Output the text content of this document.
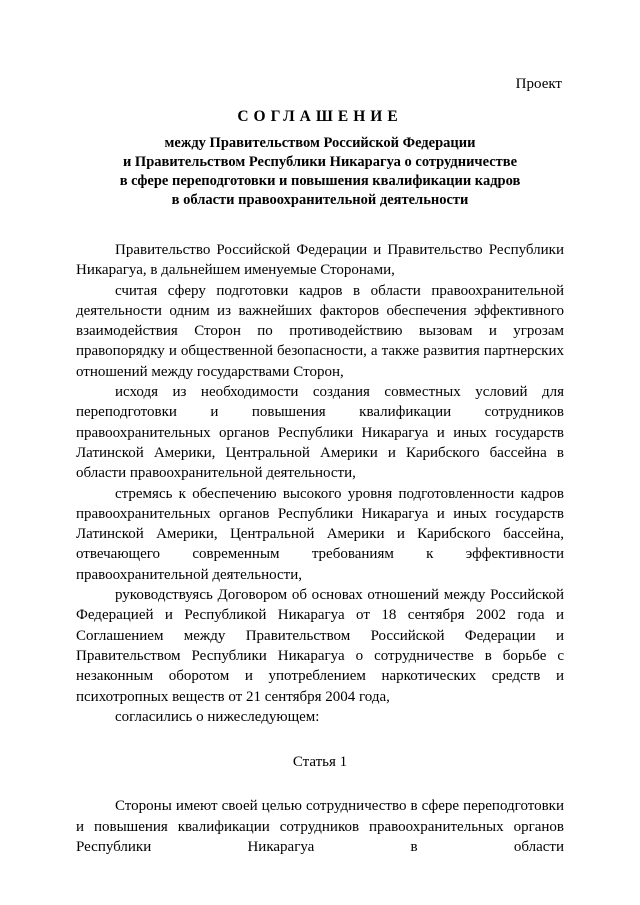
Проект
СОГЛАШЕНИЕ
между Правительством Российской Федерации
и Правительством Республики Никарагуа о сотрудничестве
в сфере переподготовки и повышения квалификации кадров
в области правоохранительной деятельности

Правительство Российской Федерации и Правительство Республики Никарагуа, в дальнейшем именуемые Сторонами,

считая сферу подготовки кадров в области правоохранительной деятельности одним из важнейших факторов обеспечения эффективного взаимодействия Сторон по противодействию вызовам и угрозам правопорядку и общественной безопасности, а также развития партнерских отношений между государствами Сторон,

исходя из необходимости создания совместных условий для переподготовки и повышения квалификации сотрудников правоохранительных органов Республики Никарагуа и иных государств Латинской Америки, Центральной Америки и Карибского бассейна в области правоохранительной деятельности,

стремясь к обеспечению высокого уровня подготовленности кадров правоохранительных органов Республики Никарагуа и иных государств Латинской Америки, Центральной Америки и Карибского бассейна, отвечающего современным требованиям к эффективности правоохранительной деятельности,

руководствуясь Договором об основах отношений между Российской Федерацией и Республикой Никарагуа от 18 сентября 2002 года и Соглашением между Правительством Российской Федерации и Правительством Республики Никарагуа о сотрудничестве в борьбе с незаконным оборотом и употреблением наркотических средств и психотропных веществ от 21 сентября 2004 года,

согласились о нижеследующем:

Статья 1

Стороны имеют своей целью сотрудничество в сфере переподготовки и повышения квалификации сотрудников правоохранительных органов Республики Никарагуа в области
